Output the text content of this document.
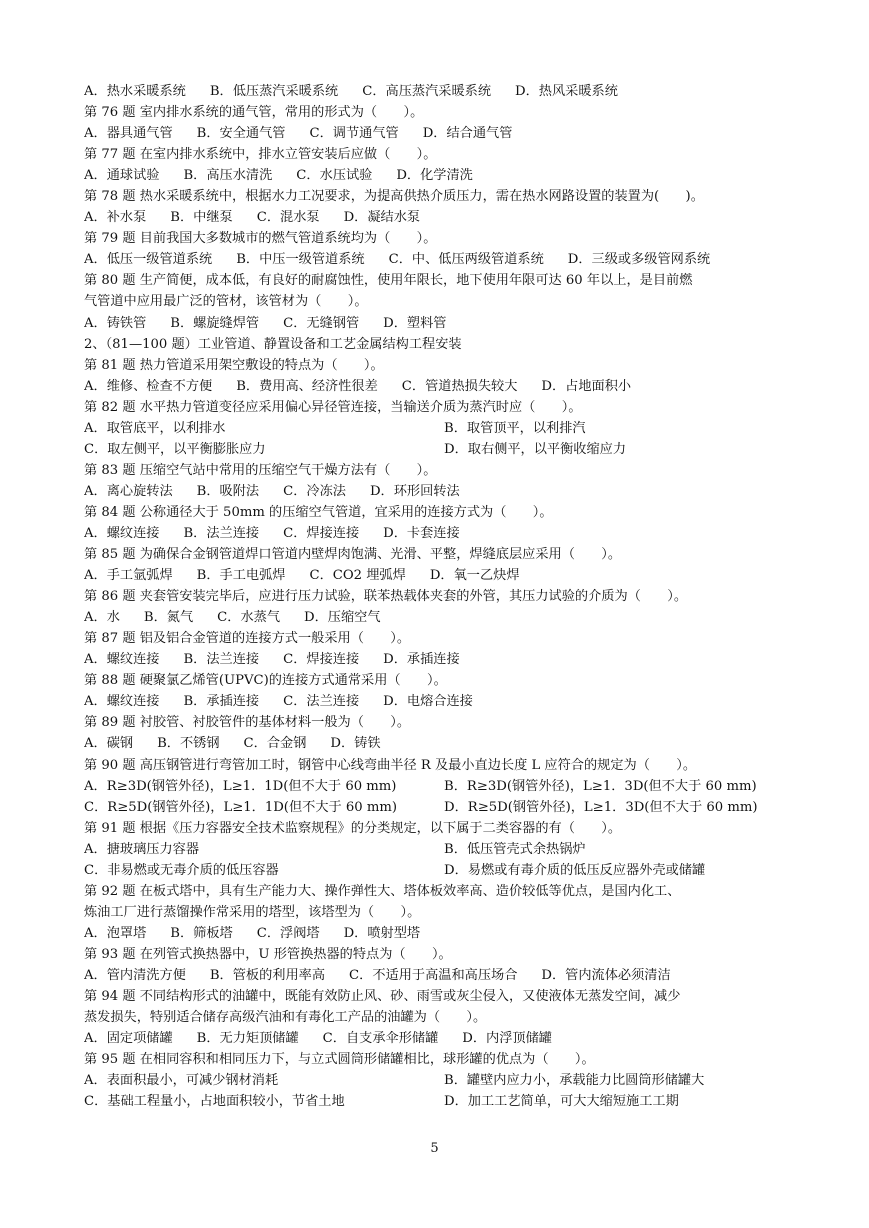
A．热水采暖系统 B．低压蒸汽采暖系统 C．高压蒸汽采暖系统 D．热风采暖系统
第 76 题 室内排水系统的通气管，常用的形式为（　　）。
A．器具通气管 B．安全通气管 C．调节通气管 D．结合通气管
第 77 题 在室内排水系统中，排水立管安装后应做（　　）。
A．通球试验 B．高压水清洗 C．水压试验 D．化学清洗
第 78 题 热水采暖系统中，根据水力工况要求，为提高供热介质压力，需在热水网路设置的装置为(　　)。
A．补水泵 B．中继泵 C．混水泵 D．凝结水泵
第 79 题 目前我国大多数城市的燃气管道系统均为（　　）。
A．低压一级管道系统 B．中压一级管道系统 C．中、低压两级管道系统 D．三级或多级管网系统
第 80 题 生产简便，成本低，有良好的耐腐蚀性，使用年限长，地下使用年限可达 60 年以上，是目前燃
气管道中应用最广泛的管材，该管材为（　　）。
A．铸铁管 B．螺旋缝焊管 C．无缝钢管 D．塑料管
2、（81—100 题）工业管道、静置设备和工艺金属结构工程安装
第 81 题 热力管道采用架空敷设的特点为（　　）。
A．维修、检查不方便 B．费用高、经济性很差 C．管道热损失较大 D．占地面积小
第 82 题 水平热力管道变径应采用偏心异径管连接，当输送介质为蒸汽时应（　　）。
A．取管底平，以利排水	B．取管顶平，以利排汽
C．取左侧平，以平衡膨胀应力	D．取右侧平，以平衡收缩应力
第 83 题 压缩空气站中常用的压缩空气干燥方法有（　　）。
A．离心旋转法 B．吸附法 C．冷冻法 D．环形回转法
第 84 题 公称通径大于 50mm 的压缩空气管道，宜采用的连接方式为（　　）。
A．螺纹连接 B．法兰连接 C．焊接连接 D．卡套连接
第 85 题 为确保合金钢管道焊口管道内壁焊肉饱满、光滑、平整，焊缝底层应采用（　　）。
A．手工氩弧焊 B．手工电弧焊 C．CO2 埋弧焊 D．氧一乙炔焊
第 86 题 夹套管安装完毕后，应进行压力试验，联苯热载体夹套的外管，其压力试验的介质为（　　）。
A．水 B．氮气 C．水蒸气 D．压缩空气
第 87 题 铝及铝合金管道的连接方式一般采用（　　）。
A．螺纹连接 B．法兰连接 C．焊接连接 D．承插连接
第 88 题 硬聚氯乙烯管(UPVC)的连接方式通常采用（　　）。
A．螺纹连接 B．承插连接 C．法兰连接 D．电熔合连接
第 89 题 衬胶管、衬胶管件的基体材料一般为（　　）。
A．碳钢 B．不锈钢 C．合金钢 D．铸铁
第 90 题 高压钢管进行弯管加工时，钢管中心线弯曲半径 R 及最小直边长度 L 应符合的规定为（　　）。
A．R≥3D(钢管外径)，L≥1．1D(但不大于 60 mm)	B．R≥3D(钢管外径)，L≥1．3D(但不大于 60 mm)
C．R≥5D(钢管外径)，L≥1．1D(但不大于 60 mm)	D．R≥5D(钢管外径)，L≥1．3D(但不大于 60 mm)
第 91 题 根据《压力容器安全技术监察规程》的分类规定，以下属于二类容器的有（　　）。
A．搪玻璃压力容器	B．低压管壳式余热锅炉
C．非易燃或无毒介质的低压容器	D．易燃或有毒介质的低压反应器外壳或储罐
第 92 题 在板式塔中，具有生产能力大、操作弹性大、塔体板效率高、造价较低等优点，是国内化工、
炼油工厂进行蒸馏操作常采用的塔型，该塔型为（　　）。
A．泡罩塔 B．筛板塔 C．浮阀塔 D．喷射型塔
第 93 题 在列管式换热器中，U 形管换热器的特点为（　　）。
A．管内清洗方便 B．管板的利用率高 C．不适用于高温和高压场合 D．管内流体必须清洁
第 94 题 不同结构形式的油罐中，既能有效防止风、砂、雨雪或灰尘侵入，又使液体无蒸发空间，减少
蒸发损失，特别适合储存高级汽油和有毒化工产品的油罐为（　　）。
A．固定项储罐 B．无力矩顶储罐 C．自支承伞形储罐 D．内浮顶储罐
第 95 题 在相同容积和相同压力下，与立式圆筒形储罐相比，球形罐的优点为（　　）。
A．表面积最小，可减少钢材消耗	B．罐壁内应力小，承载能力比圆筒形储罐大
C．基础工程量小，占地面积较小，节省土地	D．加工工艺简单，可大大缩短施工工期
5
